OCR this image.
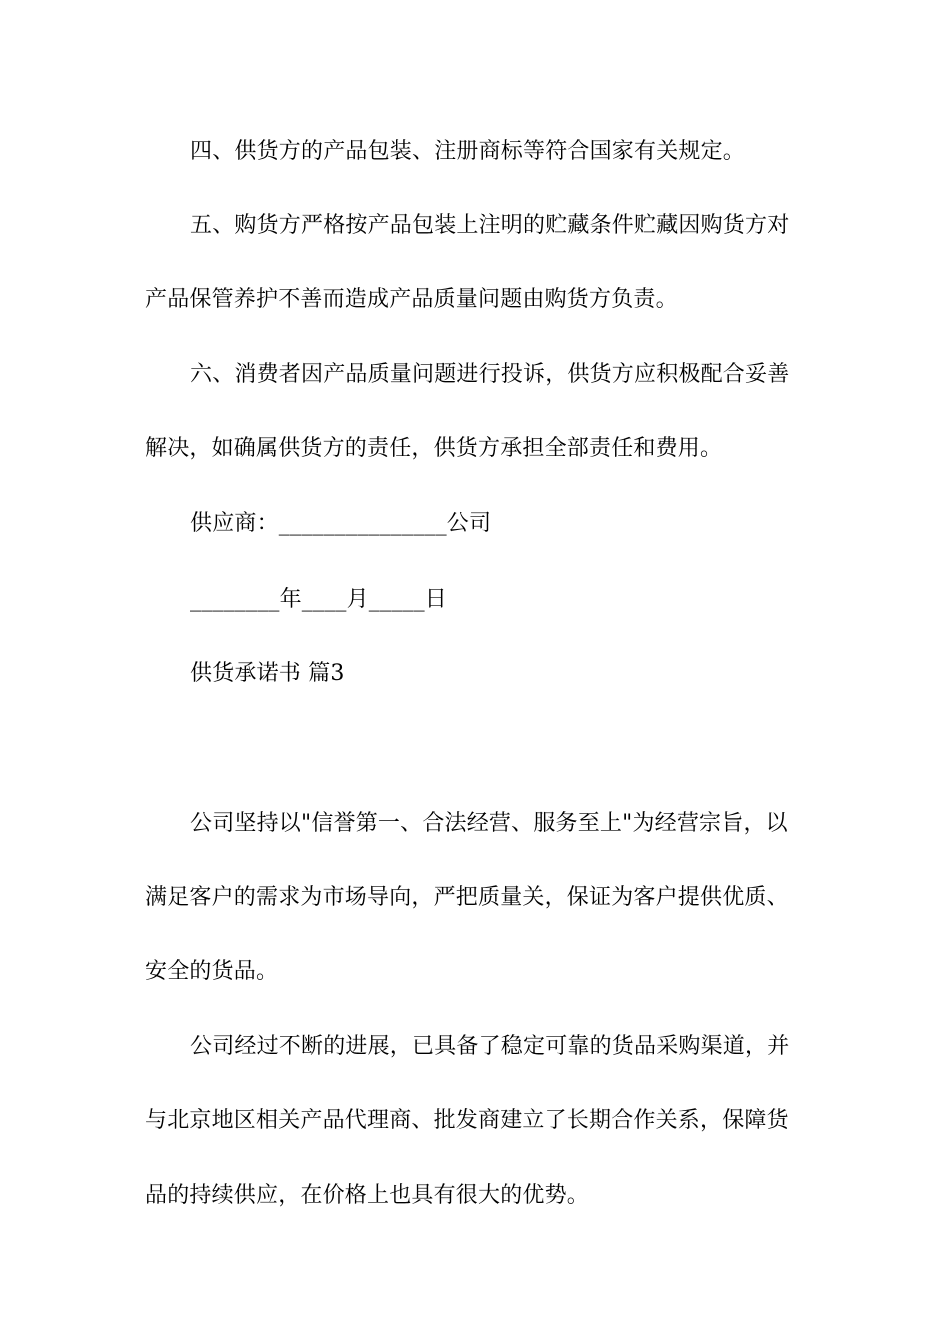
四、供货方的产品包装、注册商标等符合国家有关规定。
五、购货方严格按产品包装上注明的贮藏条件贮藏因购货方对
产品保管养护不善而造成产品质量问题由购货方负责。
六、消费者因产品质量问题进行投诉，供货方应积极配合妥善
解决，如确属供货方的责任，供货方承担全部责任和费用。
供应商：_______________公司
________年____月_____日
供货承诺书 篇3
公司坚持以"信誉第一、合法经营、服务至上"为经营宗旨，以
满足客户的需求为市场导向，严把质量关，保证为客户提供优质、
安全的货品。
公司经过不断的进展，已具备了稳定可靠的货品采购渠道，并
与北京地区相关产品代理商、批发商建立了长期合作关系，保障货
品的持续供应，在价格上也具有很大的优势。
